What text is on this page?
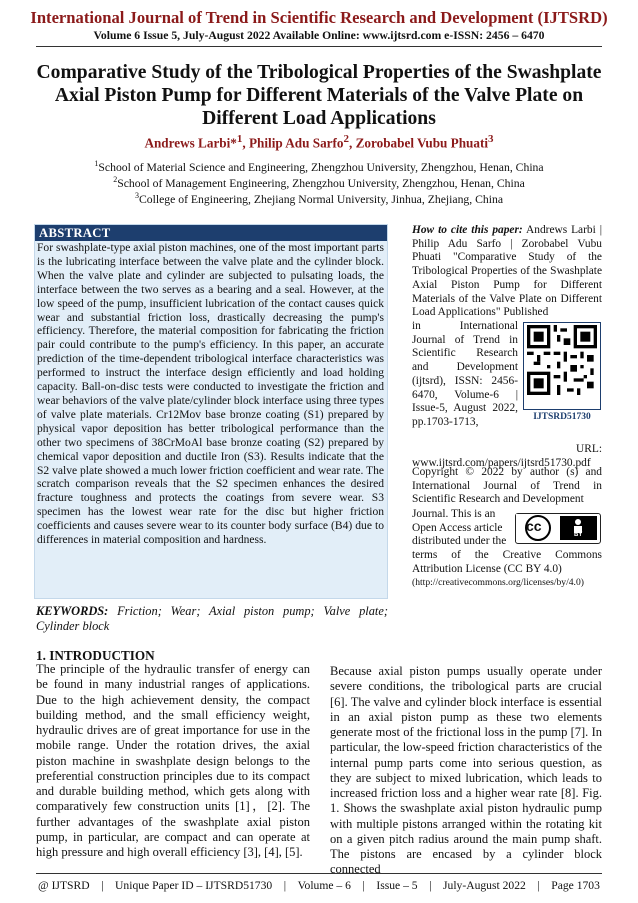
International Journal of Trend in Scientific Research and Development (IJTSRD)
Volume 6 Issue 5, July-August 2022 Available Online: www.ijtsrd.com e-ISSN: 2456 – 6470
Comparative Study of the Tribological Properties of the Swashplate Axial Piston Pump for Different Materials of the Valve Plate on Different Load Applications
Andrews Larbi*$^1$, Philip Adu Sarfo$^2$, Zorobabel Vubu Phuati$^3$
$^1$School of Material Science and Engineering, Zhengzhou University, Zhengzhou, Henan, China
$^2$School of Management Engineering, Zhengzhou University, Zhengzhou, Henan, China
$^3$College of Engineering, Zhejiang Normal University, Jinhua, Zhejiang, China
ABSTRACT
For swashplate-type axial piston machines, one of the most important parts is the lubricating interface between the valve plate and the cylinder block. When the valve plate and cylinder are subjected to pulsating loads, the interface between the two serves as a bearing and a seal. However, at the low speed of the pump, insufficient lubrication of the contact causes quick wear and substantial friction loss, drastically decreasing the pump's efficiency. Therefore, the material composition for fabricating the friction pair could contribute to the pump's efficiency. In this paper, an accurate prediction of the time-dependent tribological interface characteristics was performed to instruct the interface design efficiently and load holding capacity. Ball-on-disc tests were conducted to investigate the friction and wear behaviors of the valve plate/cylinder block interface using three types of valve plate materials. Cr12Mov base bronze coating (S1) prepared by physical vapor deposition has better tribological performance than the other two specimens of 38CrMoAl base bronze coating (S2) prepared by chemical vapor deposition and ductile Iron (S3). Results indicate that the S2 valve plate showed a much lower friction coefficient and wear rate. The scratch comparison reveals that the S2 specimen enhances the desired fracture toughness and protects the coatings from severe wear. S3 specimen has the lowest wear rate for the disc but higher friction coefficients and causes severe wear to its counter body surface (B4) due to differences in material composition and hardness.
KEYWORDS: Friction; Wear; Axial piston pump; Valve plate; Cylinder block
How to cite this paper: Andrews Larbi | Philip Adu Sarfo | Zorobabel Vubu Phuati "Comparative Study of the Tribological Properties of the Swashplate Axial Piston Pump for Different Materials of the Valve Plate on Different Load Applications" Published
in International Journal of Trend in Scientific Research and Development (ijtsrd), ISSN: 2456-6470, Volume-6 | Issue-5, August 2022, pp.1703-1713,
URL:
www.ijtsrd.com/papers/ijtsrd51730.pdf
IJTSRD51730
Copyright © 2022 by author (s) and International Journal of Trend in Scientific Research and Development
Journal. This is an Open Access article distributed under the
cc
BY
terms of the Creative Commons Attribution License (CC BY 4.0)
(http://creativecommons.org/licenses/by/4.0)
1. INTRODUCTION
The principle of the hydraulic transfer of energy can be found in many industrial ranges of applications. Due to the high achievement density, the compact building method, and the small efficiency weight, hydraulic drives are of great importance for use in the mobile range. Under the rotation drives, the axial piston machine in swashplate design belongs to the preferential construction principles due to its compact and durable building method, which gets along with comparatively few construction units [1]，[2]. The further advantages of the swashplate axial piston pump, in particular, are compact and can operate at high pressure and high overall efficiency [3], [4], [5].
Because axial piston pumps usually operate under severe conditions, the tribological parts are crucial [6]. The valve and cylinder block interface is essential in an axial piston pump as these two elements generate most of the frictional loss in the pump [7]. In particular, the low-speed friction characteristics of the internal pump parts come into serious question, as they are subject to mixed lubrication, which leads to increased friction loss and a higher wear rate [8]. Fig. 1. Shows the swashplate axial piston hydraulic pump with multiple pistons arranged within the rotating kit on a given pitch radius around the main pump shaft. The pistons are encased by a cylinder block connected
@ IJTSRD | Unique Paper ID – IJTSRD51730 | Volume – 6 | Issue – 5 | July-August 2022 | Page 1703
